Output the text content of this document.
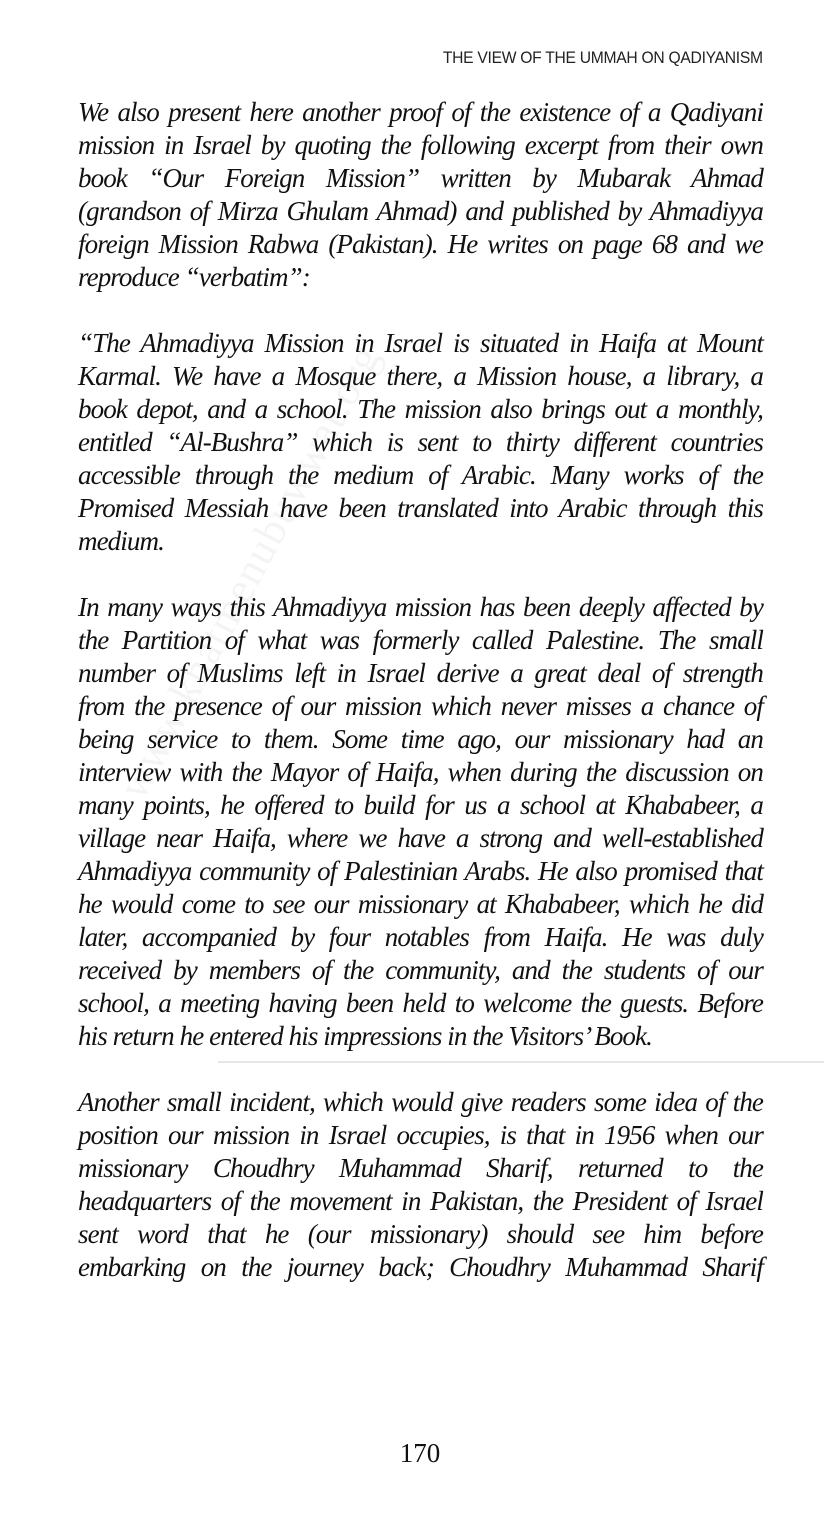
THE VIEW OF THE UMMAH ON QADIYANISM

We also present here another proof of the existence of a Qadiyani
mission in Israel by quoting the following excerpt from their own
book “Our Foreign Mission” written by Mubarak Ahmad
(grandson of Mirza Ghulam Ahmad) and published by Ahmadiyya
foreign Mission Rabwa (Pakistan). He writes on page 68 and we
reproduce “verbatim”:

“The Ahmadiyya Mission in Israel is situated in Haifa at Mount
Karmal. We have a Mosque there, a Mission house, a library, a
book depot, and a school. The mission also brings out a monthly,
entitled “Al-Bushra” which is sent to thirty different countries
accessible through the medium of Arabic. Many works of the
Promised Messiah have been translated into Arabic through this
medium.

In many ways this Ahmadiyya mission has been deeply affected by
the Partition of what was formerly called Palestine. The small
number of Muslims left in Israel derive a great deal of strength
from the presence of our mission which never misses a chance of
being service to them. Some time ago, our missionary had an
interview with the Mayor of Haifa, when during the discussion on
many points, he offered to build for us a school at Khababeer, a
village near Haifa, where we have a strong and well-established
Ahmadiyya community of Palestinian Arabs. He also promised that
he would come to see our missionary at Khababeer, which he did
later, accompanied by four notables from Haifa. He was duly
received by members of the community, and the students of our
school, a meeting having been held to welcome the guests. Before
his return he entered his impressions in the Visitors’ Book.

Another small incident, which would give readers some idea of the
position our mission in Israel occupies, is that in 1956 when our
missionary Choudhry Muhammad Sharif, returned to the
headquarters of the movement in Pakistan, the President of Israel
sent word that he (our missionary) should see him before
embarking on the journey back; Choudhry Muhammad Sharif

170
